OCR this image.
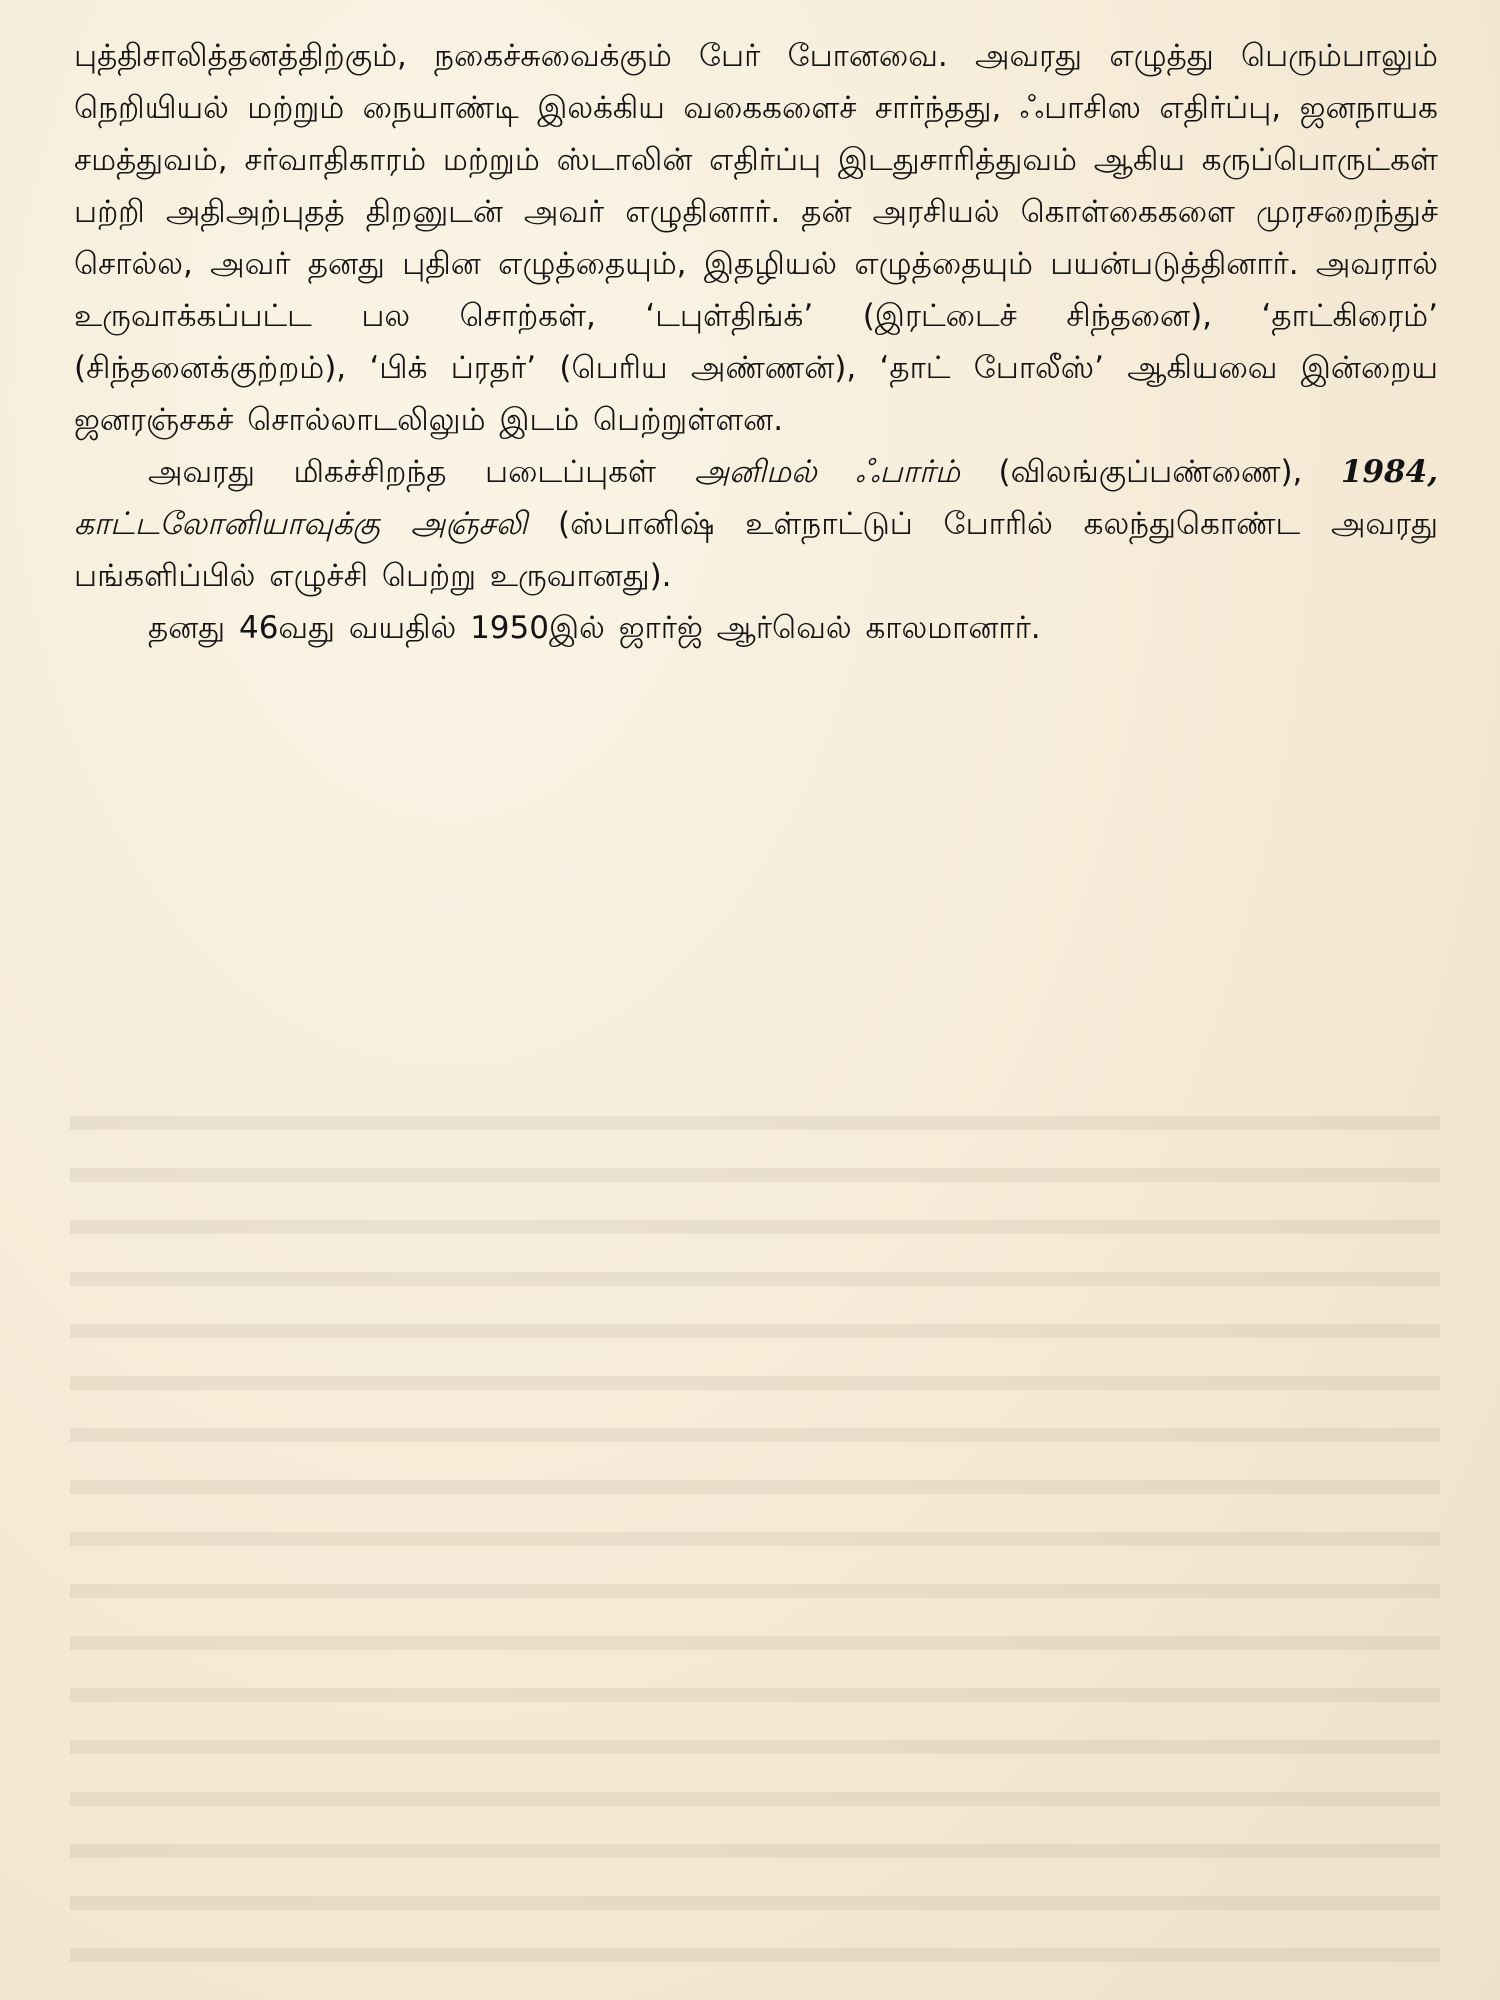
புத்திசாலித்தனத்திற்கும், நகைச்சுவைக்கும் பேர் போனவை. அவரது எழுத்து பெரும்பாலும் நெறியியல் மற்றும் நையாண்டி இலக்கிய வகைகளைச் சார்ந்தது, ஃபாசிஸ எதிர்ப்பு, ஜனநாயக சமத்துவம், சர்வாதிகாரம் மற்றும் ஸ்டாலின் எதிர்ப்பு இடதுசாரித்துவம் ஆகிய கருப்பொருட்கள் பற்றி அதிஅற்புதத் திறனுடன் அவர் எழுதினார். தன் அரசியல் கொள்கைகளை முரசறைந்துச் சொல்ல, அவர் தனது புதின எழுத்தையும், இதழியல் எழுத்தையும் பயன்படுத்தினார். அவரால் உருவாக்கப்பட்ட பல சொற்கள், ‘டபுள்திங்க்’ (இரட்டைச் சிந்தனை), ‘தாட்கிரைம்’ (சிந்தனைக்குற்றம்), ‘பிக் ப்ரதர்’ (பெரிய அண்ணன்), ‘தாட் போலீஸ்’ ஆகியவை இன்றைய ஜனரஞ்சகச் சொல்லாடலிலும் இடம் பெற்றுள்ளன.

அவரது மிகச்சிறந்த படைப்புகள் அனிமல் ஃபார்ம் (விலங்குப்பண்ணை), 1984, காட்டலோனியாவுக்கு அஞ்சலி (ஸ்பானிஷ் உள்நாட்டுப் போரில் கலந்துகொண்ட அவரது பங்களிப்பில் எழுச்சி பெற்று உருவானது).

தனது 46வது வயதில் 1950இல் ஜார்ஜ் ஆர்வெல் காலமானார்.
